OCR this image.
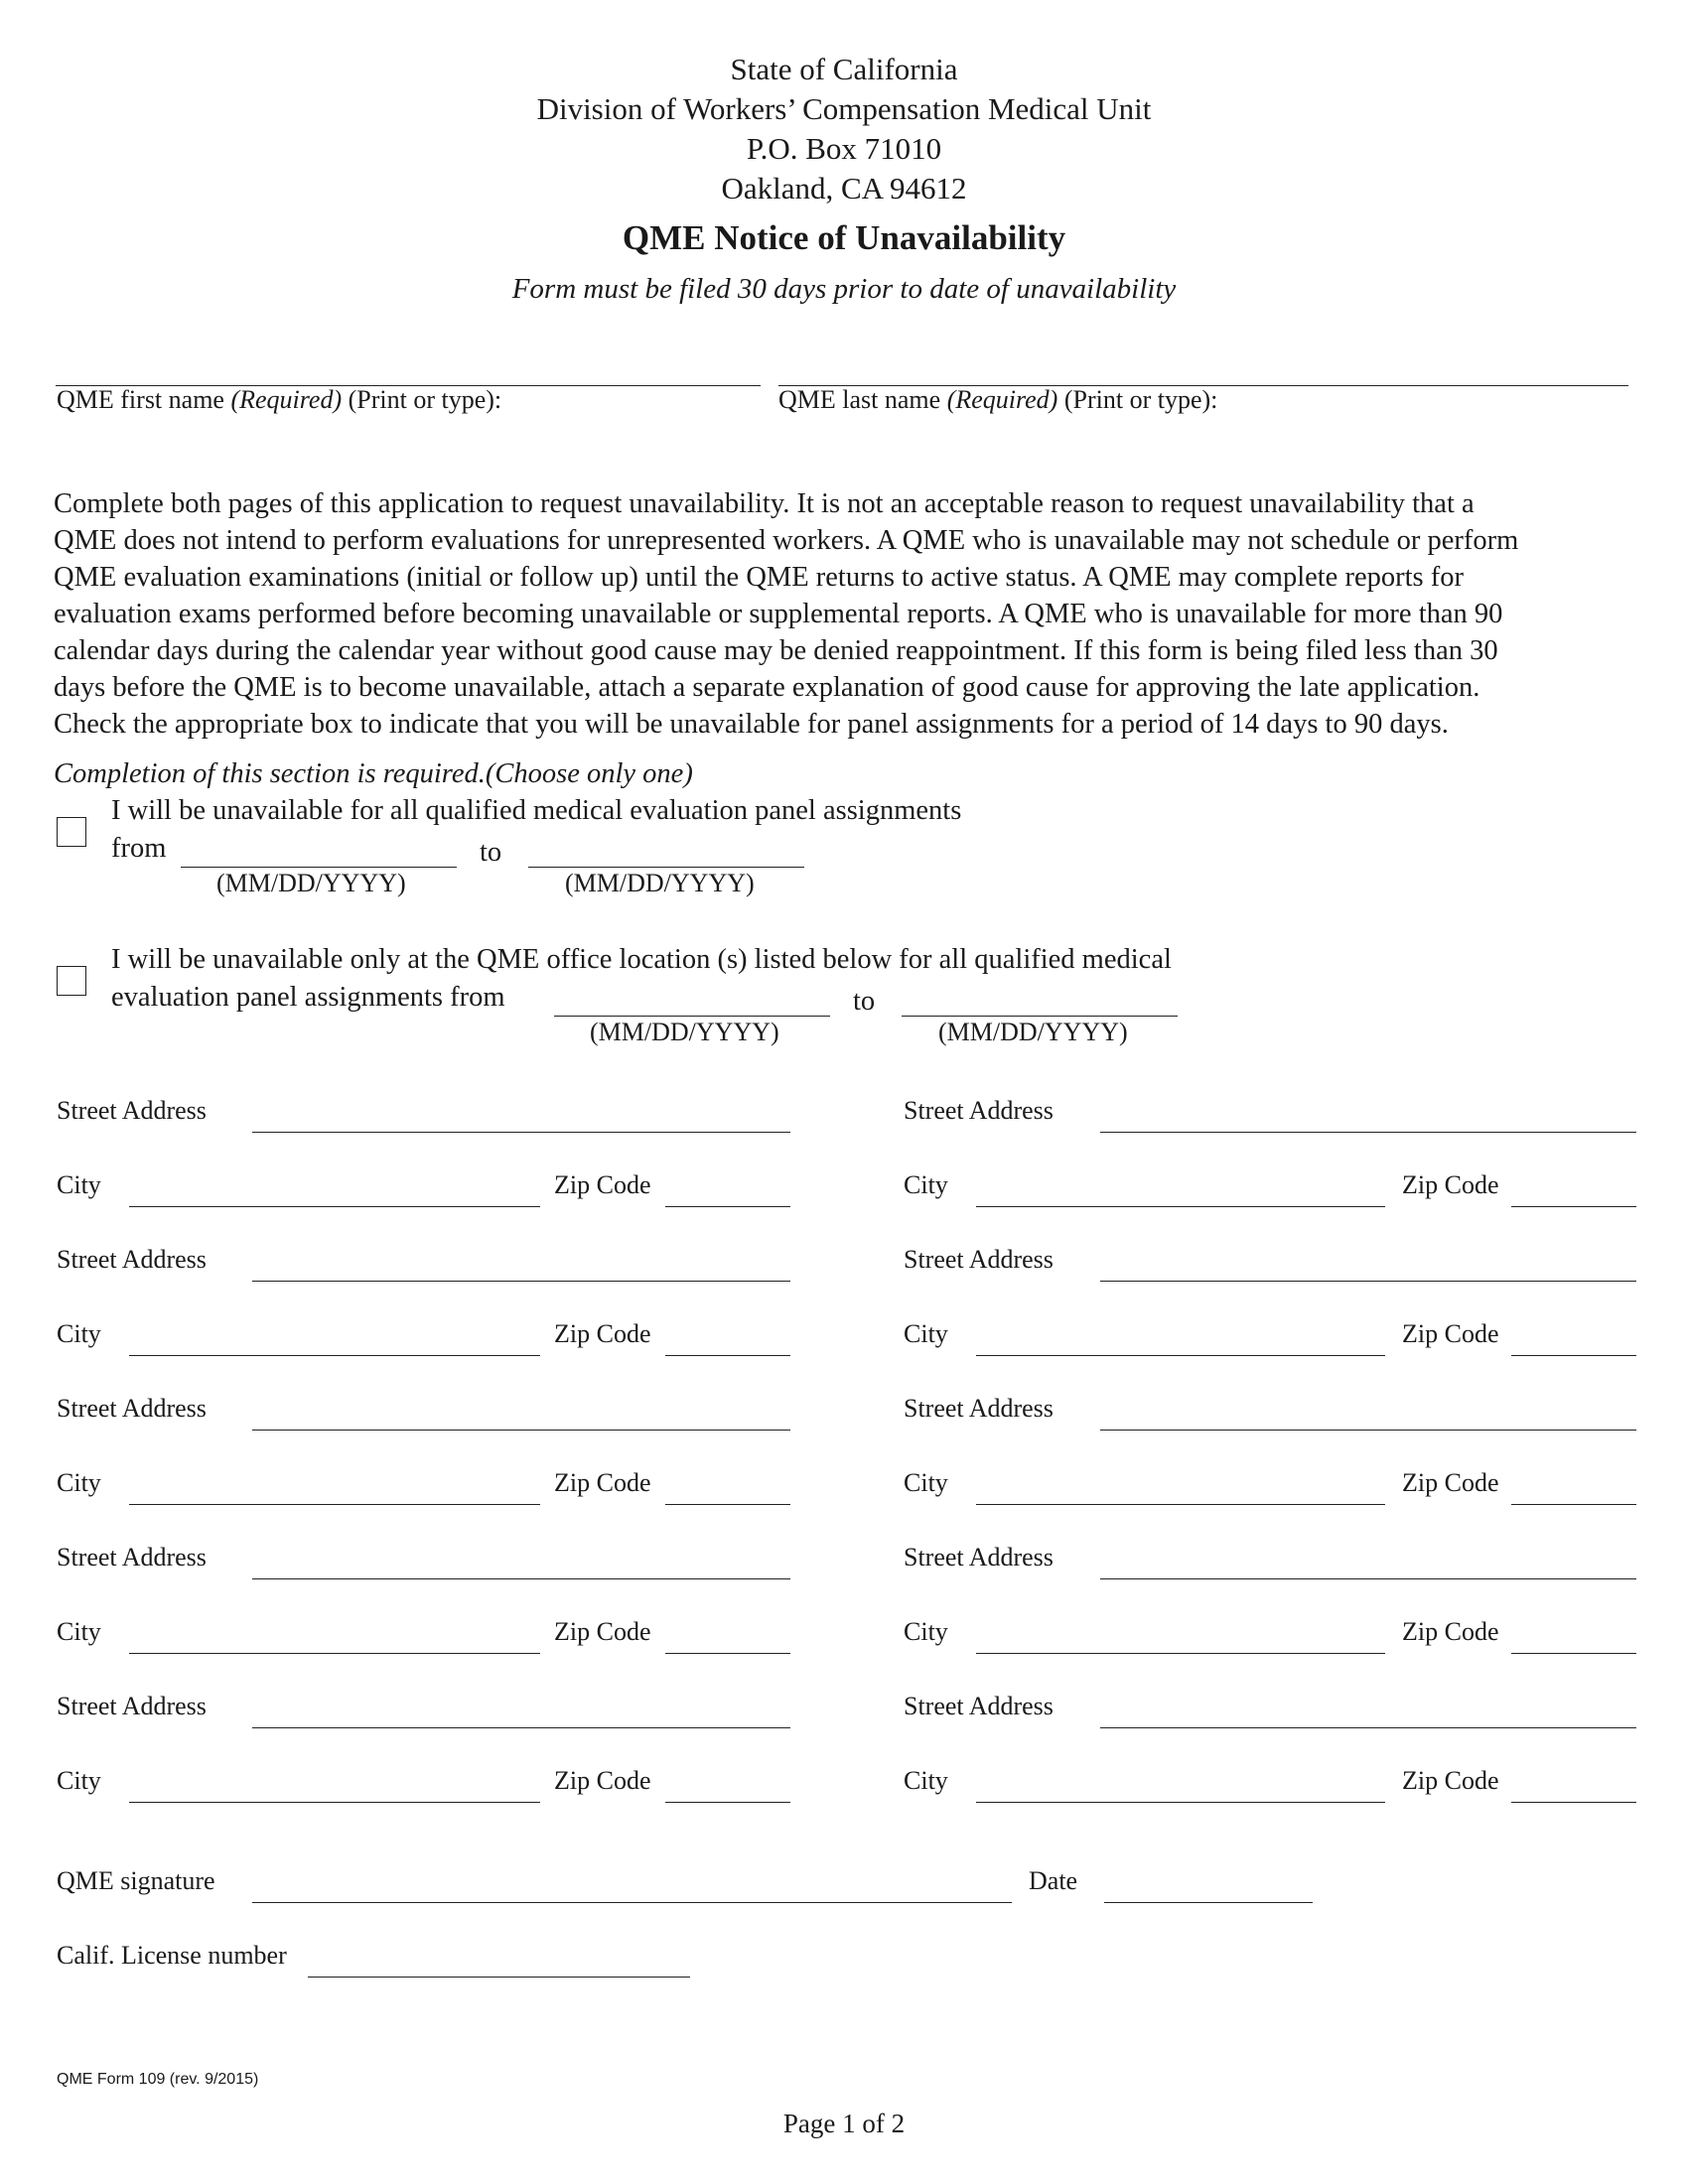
State of California
Division of Workers’ Compensation Medical Unit
P.O. Box 71010
Oakland, CA 94612
QME Notice of Unavailability
Form must be filed 30 days prior to date of unavailability
QME first name (Required) (Print or type):	QME last name (Required) (Print or type):
Complete both pages of this application to request unavailability. It is not an acceptable reason to request unavailability that a
QME does not intend to perform evaluations for unrepresented workers. A QME who is unavailable may not schedule or perform
QME evaluation examinations (initial or follow up) until the QME returns to active status. A QME may complete reports for
evaluation exams performed before becoming unavailable or supplemental reports. A QME who is unavailable for more than 90
calendar days during the calendar year without good cause may be denied reappointment. If this form is being filed less than 30
days before the QME is to become unavailable, attach a separate explanation of good cause for approving the late application.
Check the appropriate box to indicate that you will be unavailable for panel assignments for a period of 14 days to 90 days.
Completion of this section is required.(Choose only one)
I will be unavailable for all qualified medical evaluation panel assignments
from	to
(MM/DD/YYYY)	(MM/DD/YYYY)
I will be unavailable only at the QME office location (s) listed below for all qualified medical
evaluation panel assignments from	to
(MM/DD/YYYY)	(MM/DD/YYYY)
Street Address
City	Zip Code
Street Address
City	Zip Code
Street Address
City	Zip Code
Street Address
City	Zip Code
Street Address
City	Zip Code
Street Address
City	Zip Code
Street Address
City	Zip Code
Street Address
City	Zip Code
Street Address
City	Zip Code
Street Address
City	Zip Code
QME signature	Date
Calif. License number
QME Form 109 (rev. 9/2015)
Page 1 of 2
